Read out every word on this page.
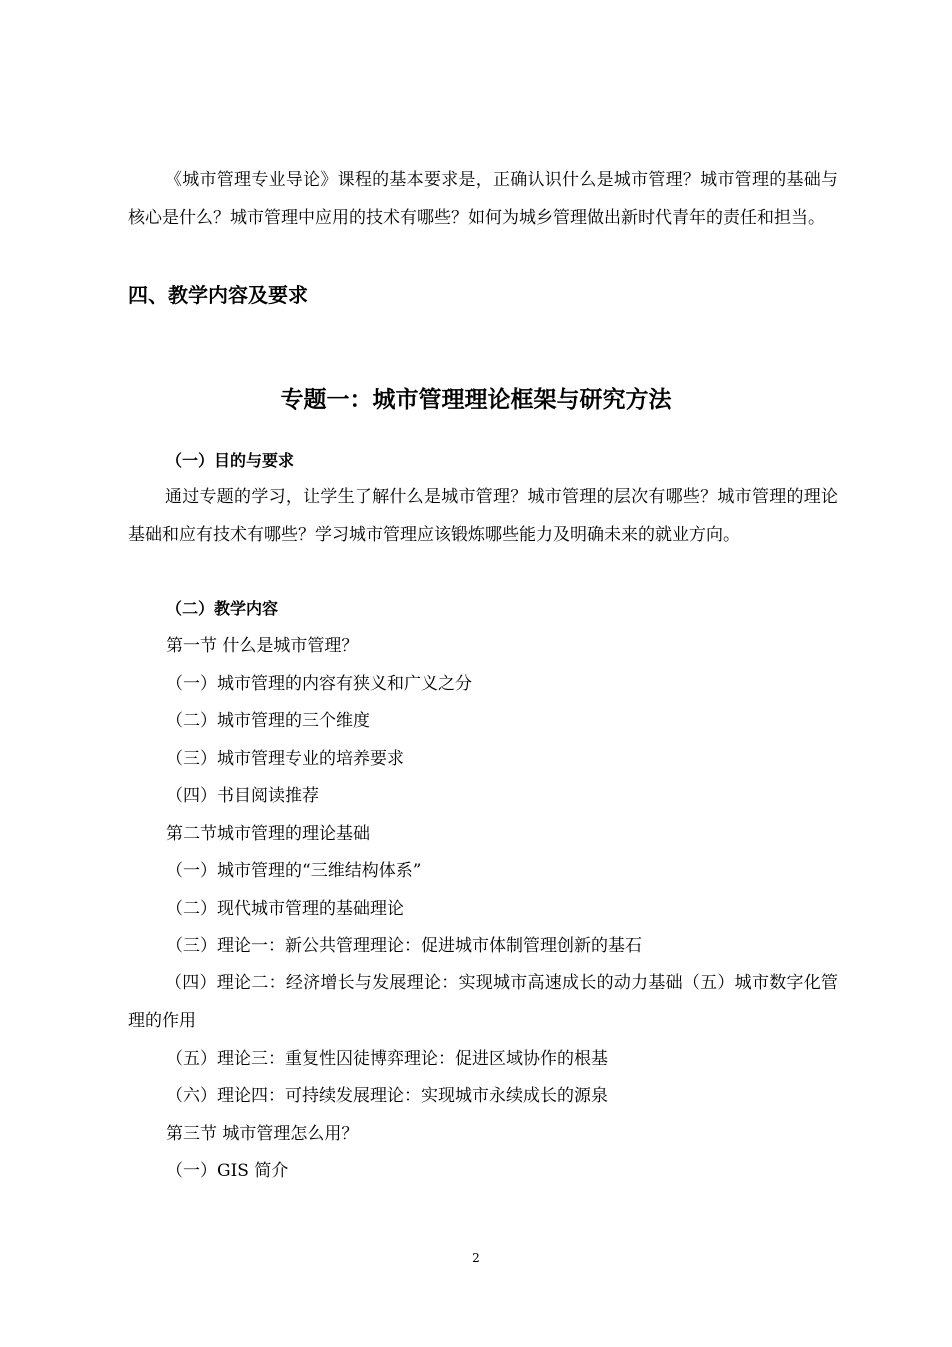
《城市管理专业导论》课程的基本要求是，正确认识什么是城市管理？城市管理的基础与核心是什么？城市管理中应用的技术有哪些？如何为城乡管理做出新时代青年的责任和担当。

四、教学内容及要求
专题一：城市管理理论框架与研究方法
（一）目的与要求

通过专题的学习，让学生了解什么是城市管理？城市管理的层次有哪些？城市管理的理论基础和应有技术有哪些？学习城市管理应该锻炼哪些能力及明确未来的就业方向。

（二）教学内容

第一节 什么是城市管理？

（一）城市管理的内容有狭义和广义之分

（二）城市管理的三个维度

（三）城市管理专业的培养要求

（四）书目阅读推荐

第二节城市管理的理论基础

（一）城市管理的“三维结构体系”

（二）现代城市管理的基础理论

（三）理论一：新公共管理理论：促进城市体制管理创新的基石

（四）理论二：经济增长与发展理论：实现城市高速成长的动力基础（五）城市数字化管理的作用

（五）理论三：重复性囚徒博弈理论：促进区域协作的根基

（六）理论四：可持续发展理论：实现城市永续成长的源泉

第三节 城市管理怎么用？

（一）GIS 简介

2
